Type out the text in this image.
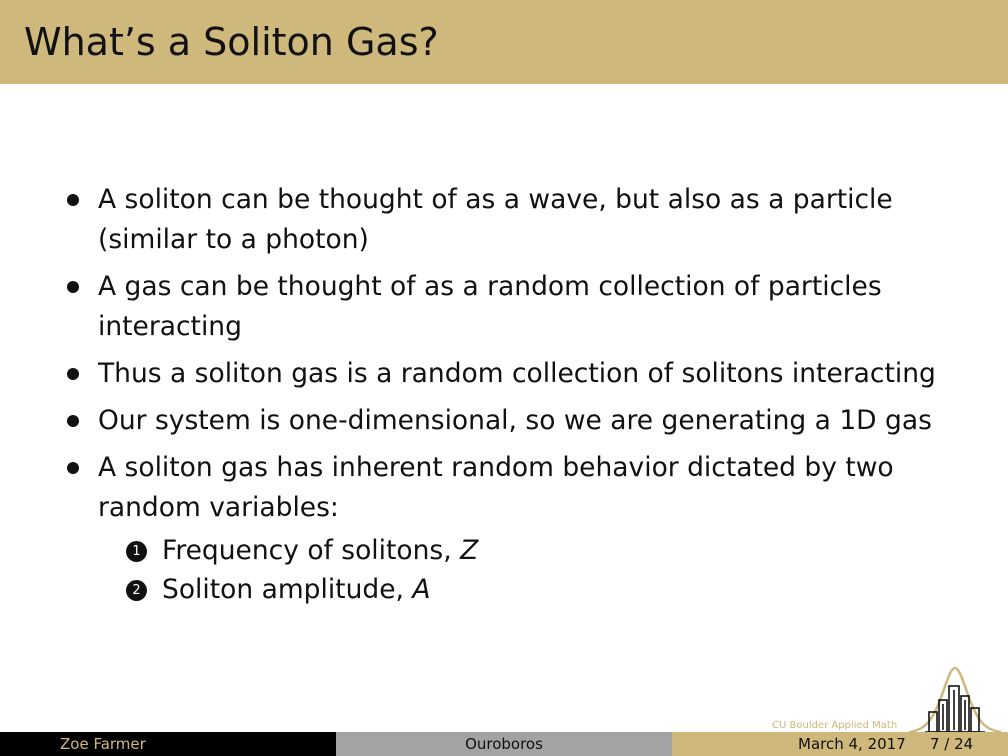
What’s a Soliton Gas?
A soliton can be thought of as a wave, but also as a particle (similar to a photon)
A gas can be thought of as a random collection of particles interacting
Thus a soliton gas is a random collection of solitons interacting
Our system is one-dimensional, so we are generating a 1D gas
A soliton gas has inherent random behavior dictated by two random variables:
1 Frequency of solitons, Z
2 Soliton amplitude, A
CU Boulder Applied Math
Zoe Farmer	Ouroboros	March 4, 2017 7 / 24
